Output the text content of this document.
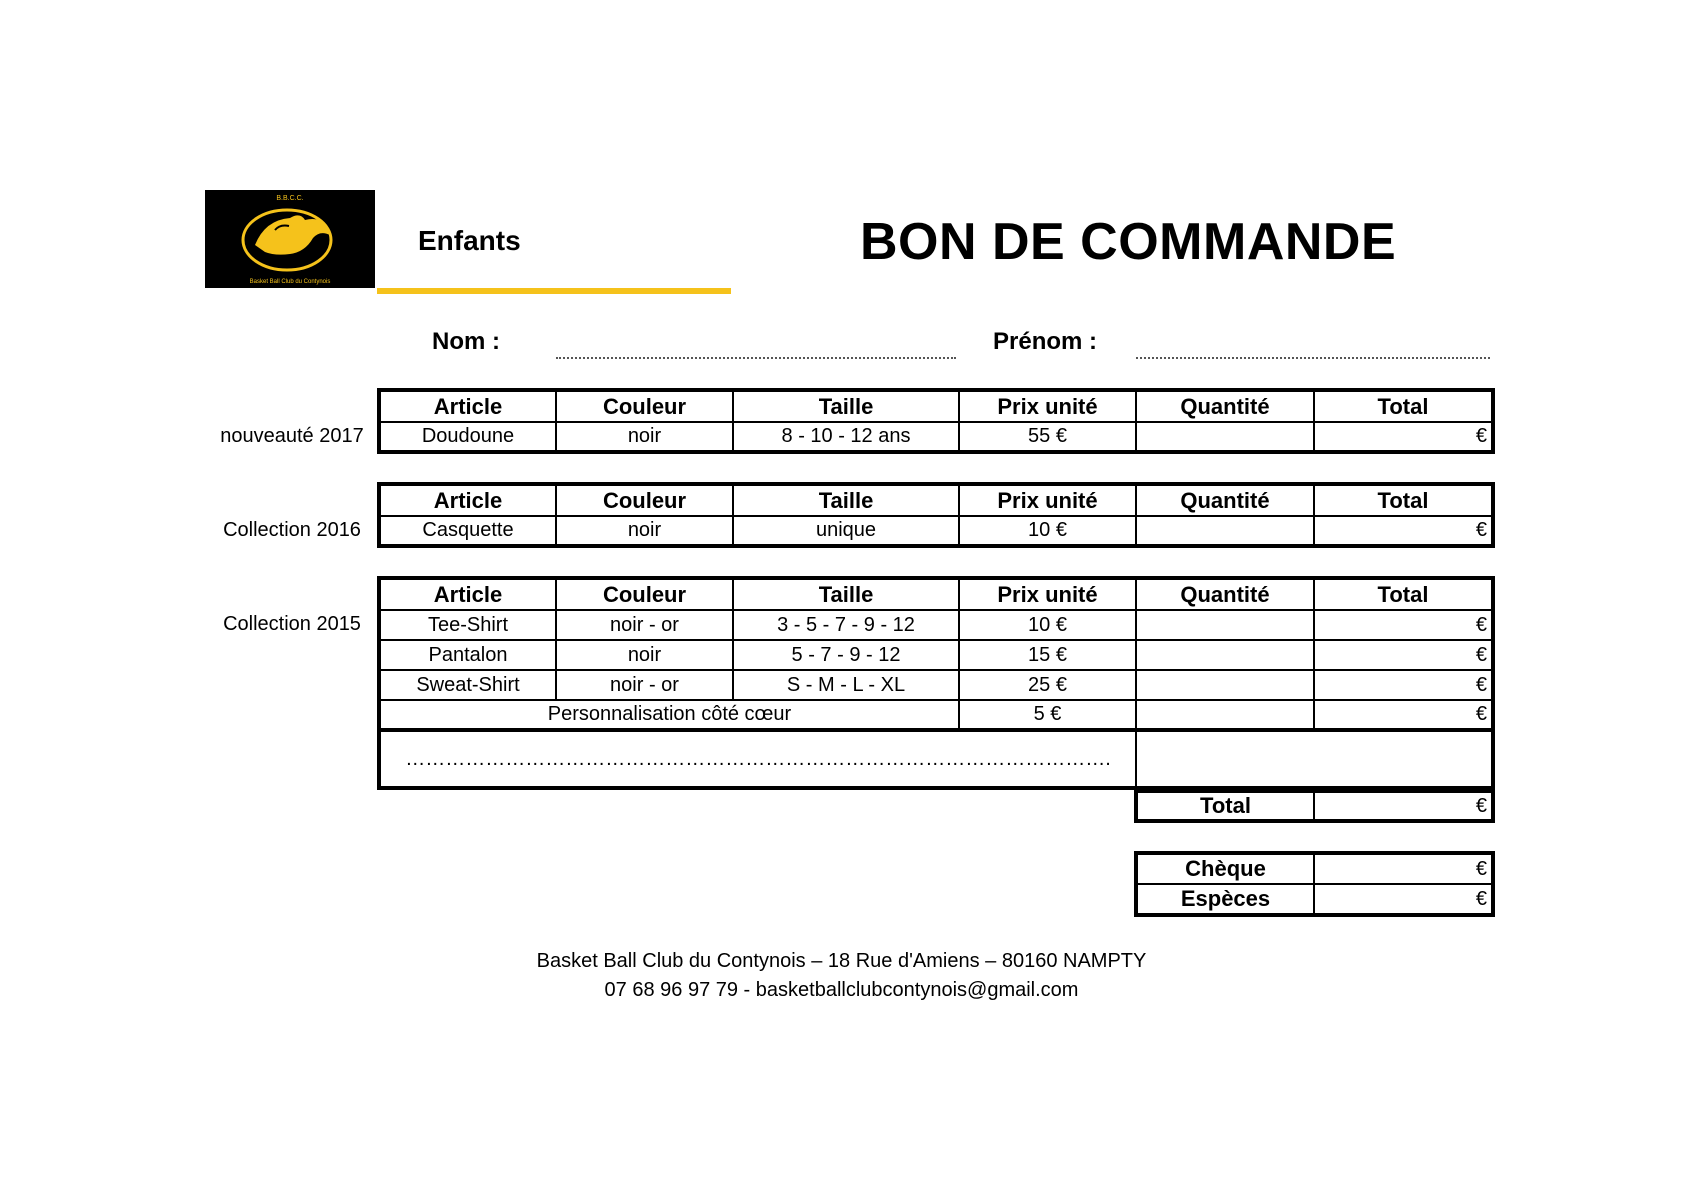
B.B.C.C.
Basket Ball Club du Contynois
Enfants	BON DE COMMANDE
Nom :	Prénom :
nouveauté 2017
Article	Couleur	Taille	Prix unité	Quantité	Total
Doudoune	noir	8 - 10 - 12 ans	55 €		€
Collection 2016
Article	Couleur	Taille	Prix unité	Quantité	Total
Casquette	noir	unique	10 €		€
Collection 2015
Article	Couleur	Taille	Prix unité	Quantité	Total
Tee-Shirt	noir - or	3 - 5 - 7 - 9 - 12	10 €		€
Pantalon	noir	5 - 7 - 9 - 12	15 €		€
Sweat-Shirt	noir - or	S - M - L - XL	25 €		€
Personnalisation côté cœur			5 €		€
…………………………………………………………………………………………….					
Total	€
Chèque	€
Espèces	€
Basket Ball Club du Contynois – 18 Rue d'Amiens – 80160 NAMPTY
07 68 96 97 79 - basketballclubcontynois@gmail.com
